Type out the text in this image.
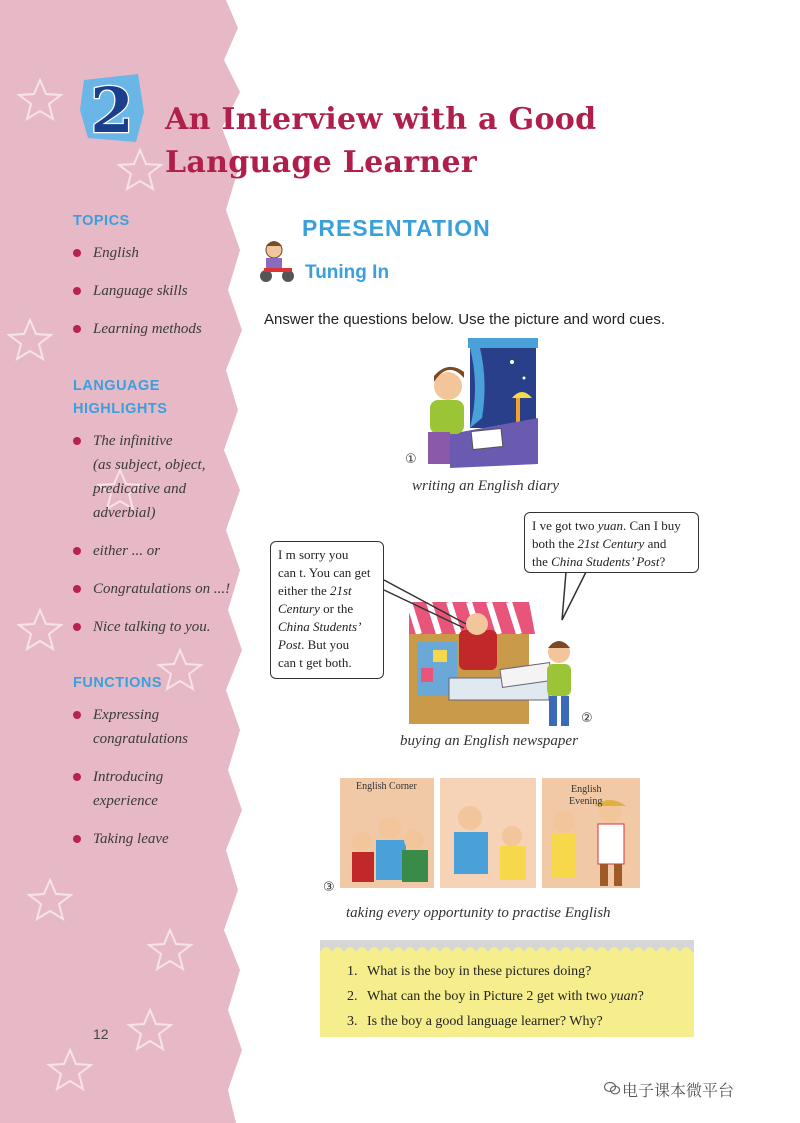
TOPICS
English
Language skills
Learning methods
LANGUAGE
HIGHLIGHTS
The infinitive
(as subject, object,
predicative and
adverbial)
either ... or
Congratulations on ...!
Nice talking to you.
FUNCTIONS
Expressing
congratulations
Introducing
experience
Taking leave
12
2 An Interview with a Good
Language Learner
PRESENTATION
Tuning In
Answer the questions below. Use the picture and word cues.
①
writing an English diary
②
buying an English newspaper
I m sorry you
can t. You can get
either the 21st
Century or the
China Students’
Post. But you
can t get both.
I ve got two yuan. Can I buy
both the 21st Century and
the China Students’ Post?
English Corner	English
Evening
③
taking every opportunity to practise English
1. What is the boy in these pictures doing?
2. What can the boy in Picture 2 get with two yuan?
3. Is the boy a good language learner? Why?
电子课本微平台
